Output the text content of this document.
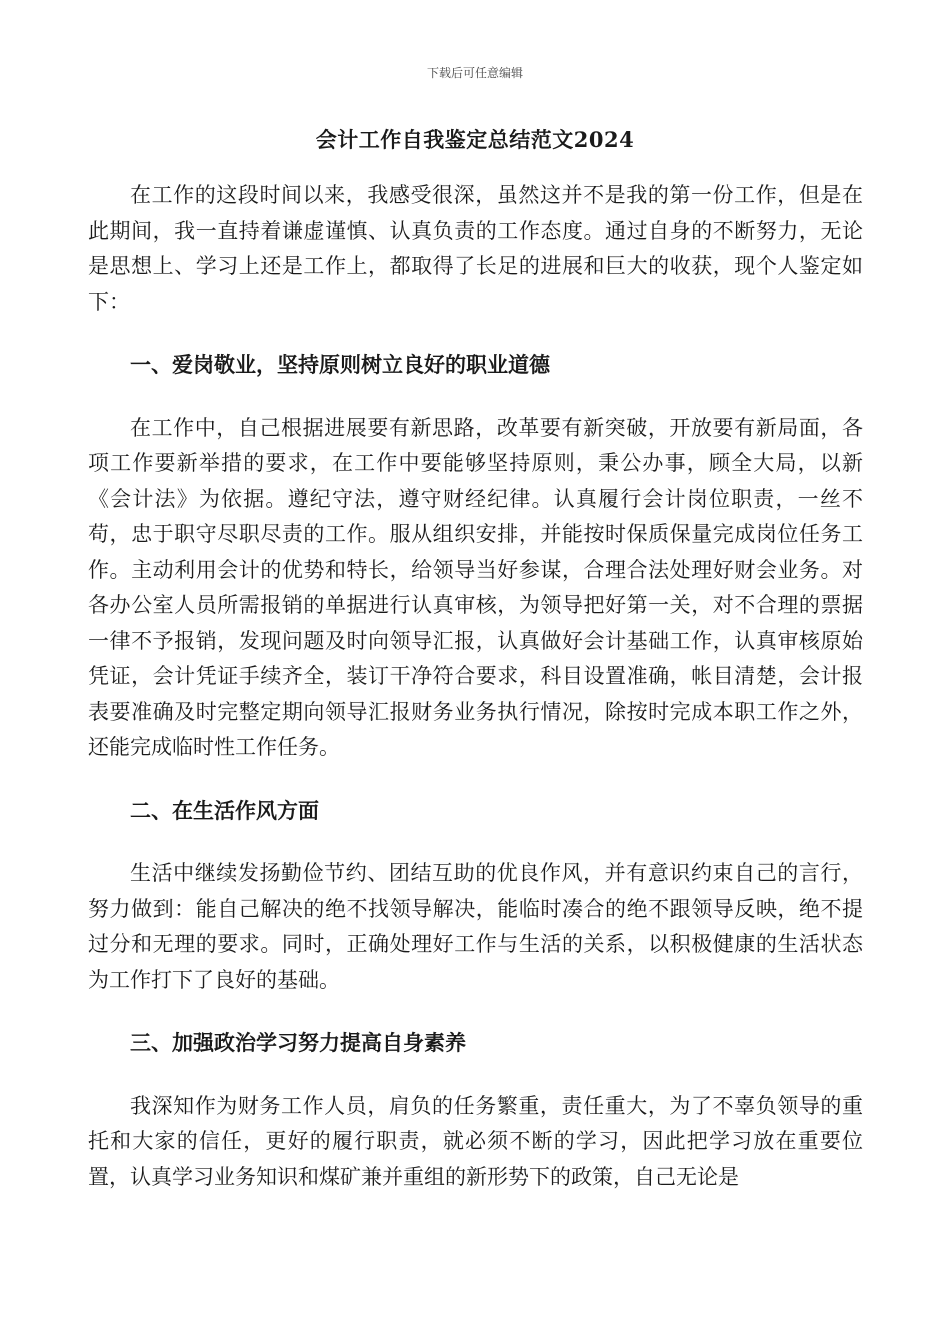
下载后可任意编辑
会计工作自我鉴定总结范文2024

在工作的这段时间以来，我感受很深，虽然这并不是我的第一份工作，但是在此期间，我一直持着谦虚谨慎、认真负责的工作态度。通过自身的不断努力，无论是思想上、学习上还是工作上，都取得了长足的进展和巨大的收获，现个人鉴定如下：

一、爱岗敬业，坚持原则树立良好的职业道德

在工作中，自己根据进展要有新思路，改革要有新突破，开放要有新局面，各项工作要新举措的要求，在工作中要能够坚持原则，秉公办事，顾全大局，以新《会计法》为依据。遵纪守法，遵守财经纪律。认真履行会计岗位职责，一丝不苟，忠于职守尽职尽责的工作。服从组织安排，并能按时保质保量完成岗位任务工作。主动利用会计的优势和特长，给领导当好参谋，合理合法处理好财会业务。对各办公室人员所需报销的单据进行认真审核，为领导把好第一关，对不合理的票据一律不予报销，发现问题及时向领导汇报，认真做好会计基础工作，认真审核原始凭证，会计凭证手续齐全，装订干净符合要求，科目设置准确，帐目清楚，会计报表要准确及时完整定期向领导汇报财务业务执行情况，除按时完成本职工作之外，还能完成临时性工作任务。

二、在生活作风方面

生活中继续发扬勤俭节约、团结互助的优良作风，并有意识约束自己的言行，努力做到：能自己解决的绝不找领导解决，能临时凑合的绝不跟领导反映，绝不提过分和无理的要求。同时，正确处理好工作与生活的关系，以积极健康的生活状态为工作打下了良好的基础。

三、加强政治学习努力提高自身素养

我深知作为财务工作人员，肩负的任务繁重，责任重大，为了不辜负领导的重托和大家的信任，更好的履行职责，就必须不断的学习，因此把学习放在重要位置，认真学习业务知识和煤矿兼并重组的新形势下的政策，自己无论是
